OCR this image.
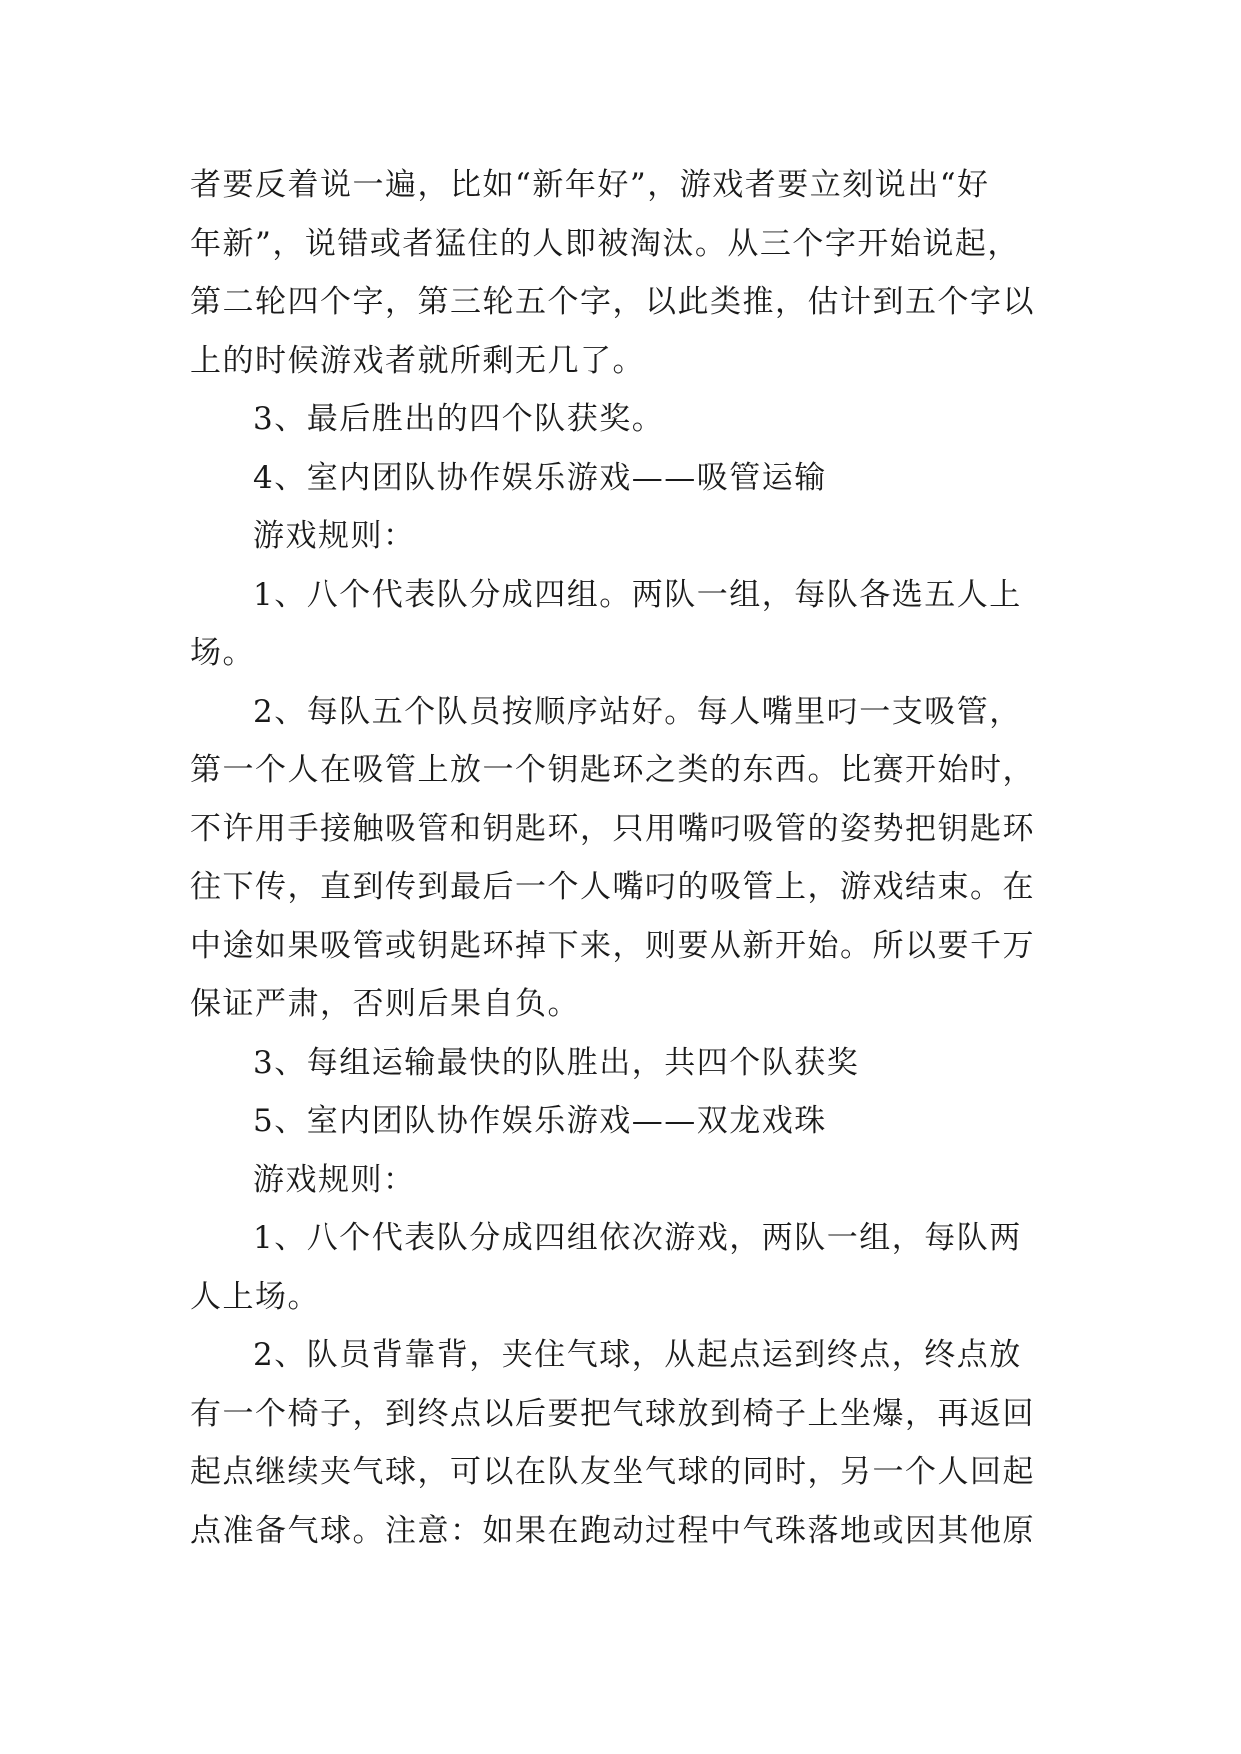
者要反着说一遍，比如“新年好”，游戏者要立刻说出“好
年新”，说错或者猛住的人即被淘汰。从三个字开始说起，
第二轮四个字，第三轮五个字，以此类推，估计到五个字以
上的时候游戏者就所剩无几了。
3、最后胜出的四个队获奖。
4、室内团队协作娱乐游戏——吸管运输
游戏规则：
1、八个代表队分成四组。两队一组，每队各选五人上
场。
2、每队五个队员按顺序站好。每人嘴里叼一支吸管，
第一个人在吸管上放一个钥匙环之类的东西。比赛开始时，
不许用手接触吸管和钥匙环，只用嘴叼吸管的姿势把钥匙环
往下传，直到传到最后一个人嘴叼的吸管上，游戏结束。在
中途如果吸管或钥匙环掉下来，则要从新开始。所以要千万
保证严肃，否则后果自负。
3、每组运输最快的队胜出，共四个队获奖
5、室内团队协作娱乐游戏——双龙戏珠
游戏规则：
1、八个代表队分成四组依次游戏，两队一组，每队两
人上场。
2、队员背靠背，夹住气球，从起点运到终点，终点放
有一个椅子，到终点以后要把气球放到椅子上坐爆，再返回
起点继续夹气球，可以在队友坐气球的同时，另一个人回起
点准备气球。注意：如果在跑动过程中气珠落地或因其他原
